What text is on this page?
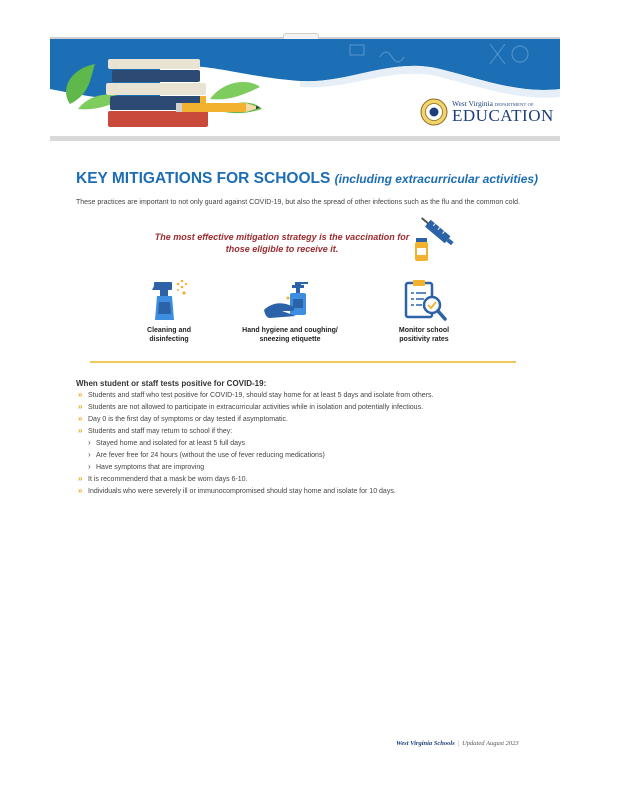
West Virginia DEPARTMENT OF
EDUCATION
KEY MITIGATIONS FOR SCHOOLS (including extracurricular activities)
These practices are important to not only guard against COVID-19, but also the spread of other infections such as the flu and the common cold.
The most effective mitigation strategy is the vaccination for
those eligible to receive it.
Cleaning and
disinfecting
Hand hygiene and coughing/
sneezing etiquette
Monitor school
positivity rates
When student or staff tests positive for COVID-19:
» Students and staff who test positive for COVID-19, should stay home for at least 5 days and isolate from others.
» Students are not allowed to participate in extracurricular activities while in isolation and potentially infectious.
» Day 0 is the first day of symptoms or day tested if asymptomatic.
» Students and staff may return to school if they:
› Stayed home and isolated for at least 5 full days
› Are fever free for 24 hours (without the use of fever reducing medications)
› Have symptoms that are improving
» It is recommenderd that a mask be worn days 6-10.
» Individuals who were severely ill or immunocompromised should stay home and isolate for 10 days.
West Virginia Schools | Updated August 2023
